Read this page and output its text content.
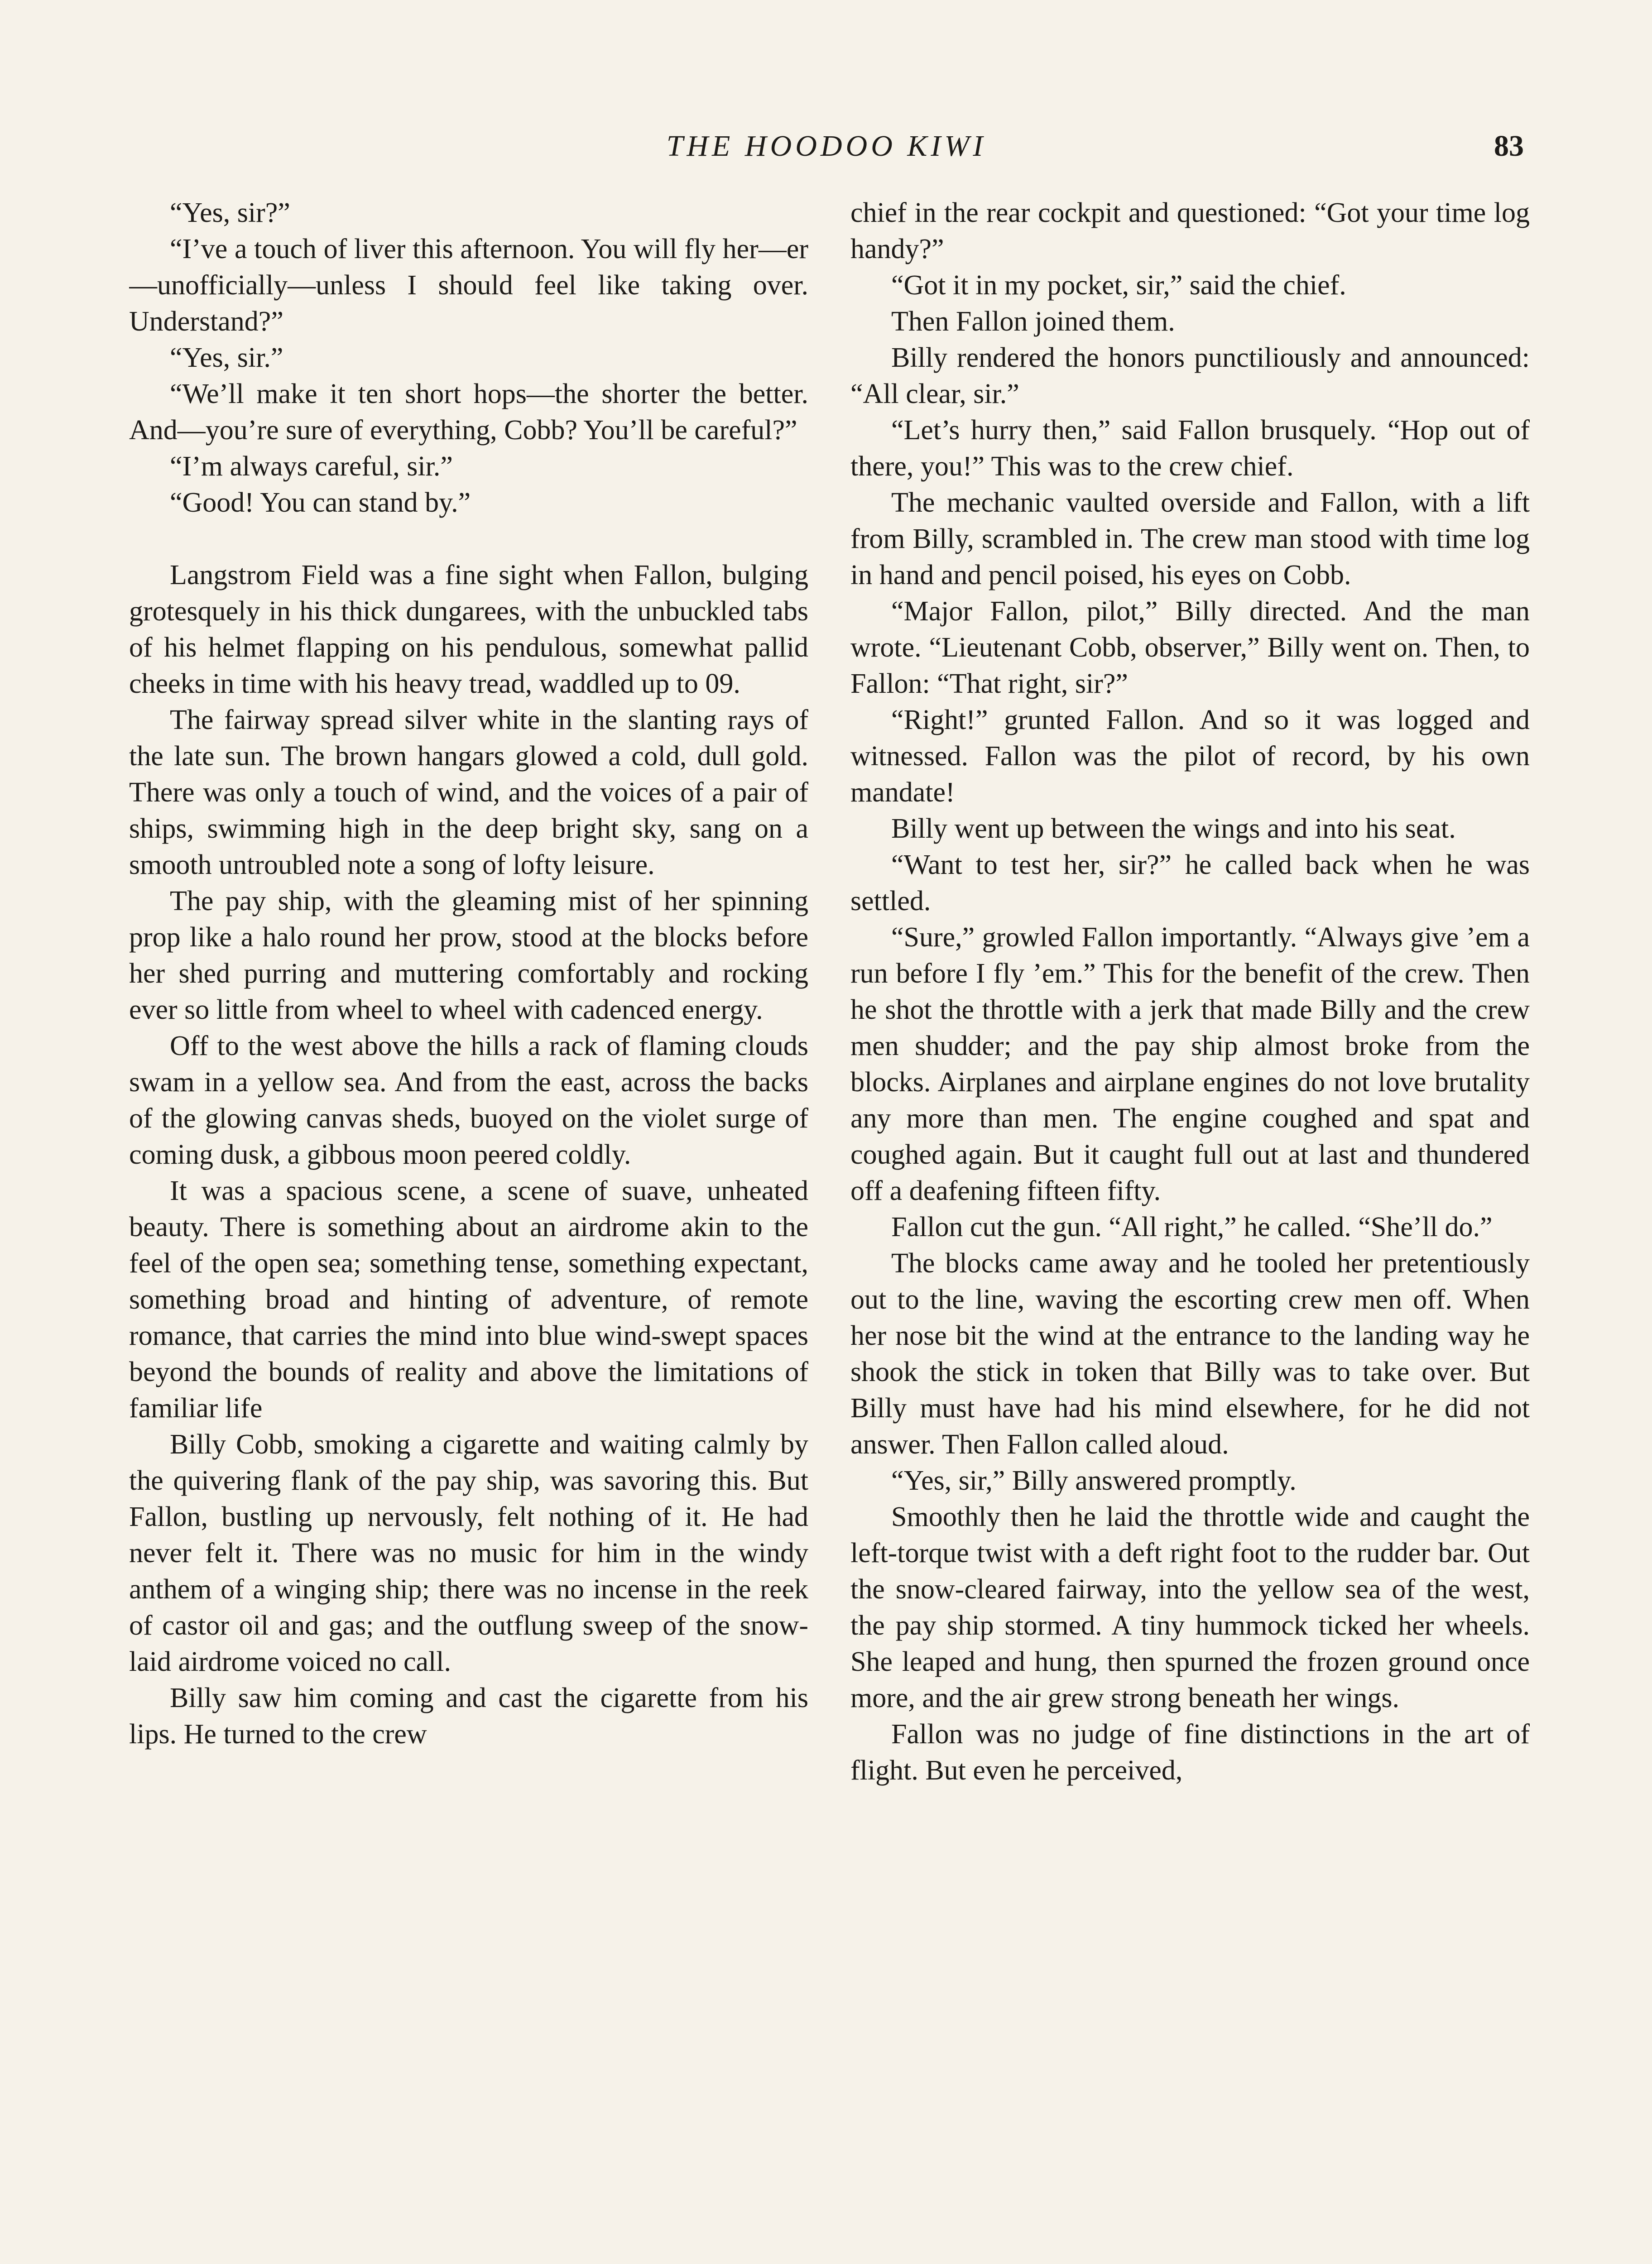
THE HOODOO KIWI	83

“Yes, sir?”

“I’ve a touch of liver this afternoon. You will fly her—er—unofficially—unless I should feel like taking over. Understand?”

“Yes, sir.”

“We’ll make it ten short hops—the shorter the better. And—you’re sure of everything, Cobb? You’ll be careful?”

“I’m always careful, sir.”

“Good! You can stand by.”

Langstrom Field was a fine sight when Fallon, bulging grotesquely in his thick dungarees, with the unbuckled tabs of his helmet flapping on his pendulous, somewhat pallid cheeks in time with his heavy tread, waddled up to 09.

The fairway spread silver white in the slanting rays of the late sun. The brown hangars glowed a cold, dull gold. There was only a touch of wind, and the voices of a pair of ships, swimming high in the deep bright sky, sang on a smooth untroubled note a song of lofty leisure.

The pay ship, with the gleaming mist of her spinning prop like a halo round her prow, stood at the blocks before her shed purring and muttering comfortably and rocking ever so little from wheel to wheel with cadenced energy.

Off to the west above the hills a rack of flaming clouds swam in a yellow sea. And from the east, across the backs of the glowing canvas sheds, buoyed on the violet surge of coming dusk, a gibbous moon peered coldly.

It was a spacious scene, a scene of suave, unheated beauty. There is something about an airdrome akin to the feel of the open sea; something tense, something expectant, something broad and hinting of adventure, of remote romance, that carries the mind into blue wind-swept spaces beyond the bounds of reality and above the limitations of familiar life

Billy Cobb, smoking a cigarette and waiting calmly by the quivering flank of the pay ship, was savoring this. But Fallon, bustling up nervously, felt nothing of it. He had never felt it. There was no music for him in the windy anthem of a winging ship; there was no incense in the reek of castor oil and gas; and the outflung sweep of the snow-laid airdrome voiced no call.

Billy saw him coming and cast the cigarette from his lips. He turned to the crew

chief in the rear cockpit and questioned: “Got your time log handy?”

“Got it in my pocket, sir,” said the chief.

Then Fallon joined them.

Billy rendered the honors punctiliously and announced: “All clear, sir.”

“Let’s hurry then,” said Fallon brusquely. “Hop out of there, you!” This was to the crew chief.

The mechanic vaulted overside and Fallon, with a lift from Billy, scrambled in. The crew man stood with time log in hand and pencil poised, his eyes on Cobb.

“Major Fallon, pilot,” Billy directed. And the man wrote. “Lieutenant Cobb, observer,” Billy went on. Then, to Fallon: “That right, sir?”

“Right!” grunted Fallon. And so it was logged and witnessed. Fallon was the pilot of record, by his own mandate!

Billy went up between the wings and into his seat.

“Want to test her, sir?” he called back when he was settled.

“Sure,” growled Fallon importantly. “Always give ’em a run before I fly ’em.” This for the benefit of the crew. Then he shot the throttle with a jerk that made Billy and the crew men shudder; and the pay ship almost broke from the blocks. Airplanes and airplane engines do not love brutality any more than men. The engine coughed and spat and coughed again. But it caught full out at last and thundered off a deafening fifteen fifty.

Fallon cut the gun. “All right,” he called. “She’ll do.”

The blocks came away and he tooled her pretentiously out to the line, waving the escorting crew men off. When her nose bit the wind at the entrance to the landing way he shook the stick in token that Billy was to take over. But Billy must have had his mind elsewhere, for he did not answer. Then Fallon called aloud.

“Yes, sir,” Billy answered promptly.

Smoothly then he laid the throttle wide and caught the left-torque twist with a deft right foot to the rudder bar. Out the snow-cleared fairway, into the yellow sea of the west, the pay ship stormed. A tiny hummock ticked her wheels. She leaped and hung, then spurned the frozen ground once more, and the air grew strong beneath her wings.

Fallon was no judge of fine distinctions in the art of flight. But even he perceived,
